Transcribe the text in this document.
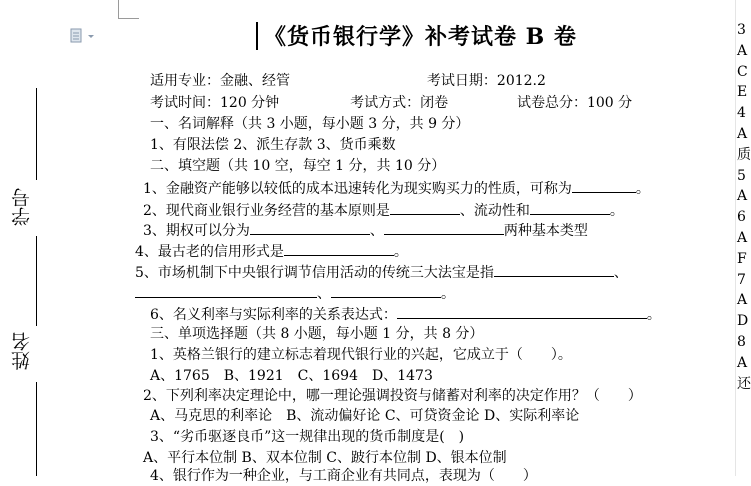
《货币银行学》补考试卷 B 卷
适用专业：金融、经管	考试日期：2012.2
考试时间：120 分钟	考试方式：闭卷	试卷总分：100 分
一、名词解释（共 3 小题，每小题 3 分，共 9 分）
1、有限法偿 2、派生存款 3、货币乘数
二、填空题（共 10 空，每空 1 分，共 10 分）
1、金融资产能够以较低的成本迅速转化为现实购买力的性质，可称为	。
2、现代商业银行业务经营的基本原则是	、流动性和	。
3、期权可以分为	、	两种基本类型
4、最古老的信用形式是	。
5、市场机制下中央银行调节信用活动的传统三大法宝是指	、
、	。
6、名义利率与实际利率的关系表达式：	。
三、单项选择题（共 8 小题，每小题 1 分，共 8 分）
1、英格兰银行的建立标志着现代银行业的兴起，它成立于（　　）。
A、1765　B、1921　C、1694　D、1473
2、下列利率决定理论中，哪一理论强调投资与储蓄对利率的决定作用？（　　）
A、马克思的利率论　B、流动偏好论 C、可贷资金论 D、实际利率论
3、“劣币驱逐良币”这一规律出现的货币制度是(　)
A、平行本位制 B、双本位制 C、跛行本位制 D、银本位制
4、银行作为一种企业，与工商企业有共同点，表现为（　　）
学号
姓名
3
A
C
E
4
A
质
5
A
6
A
F
7
A
D
8
A
还
